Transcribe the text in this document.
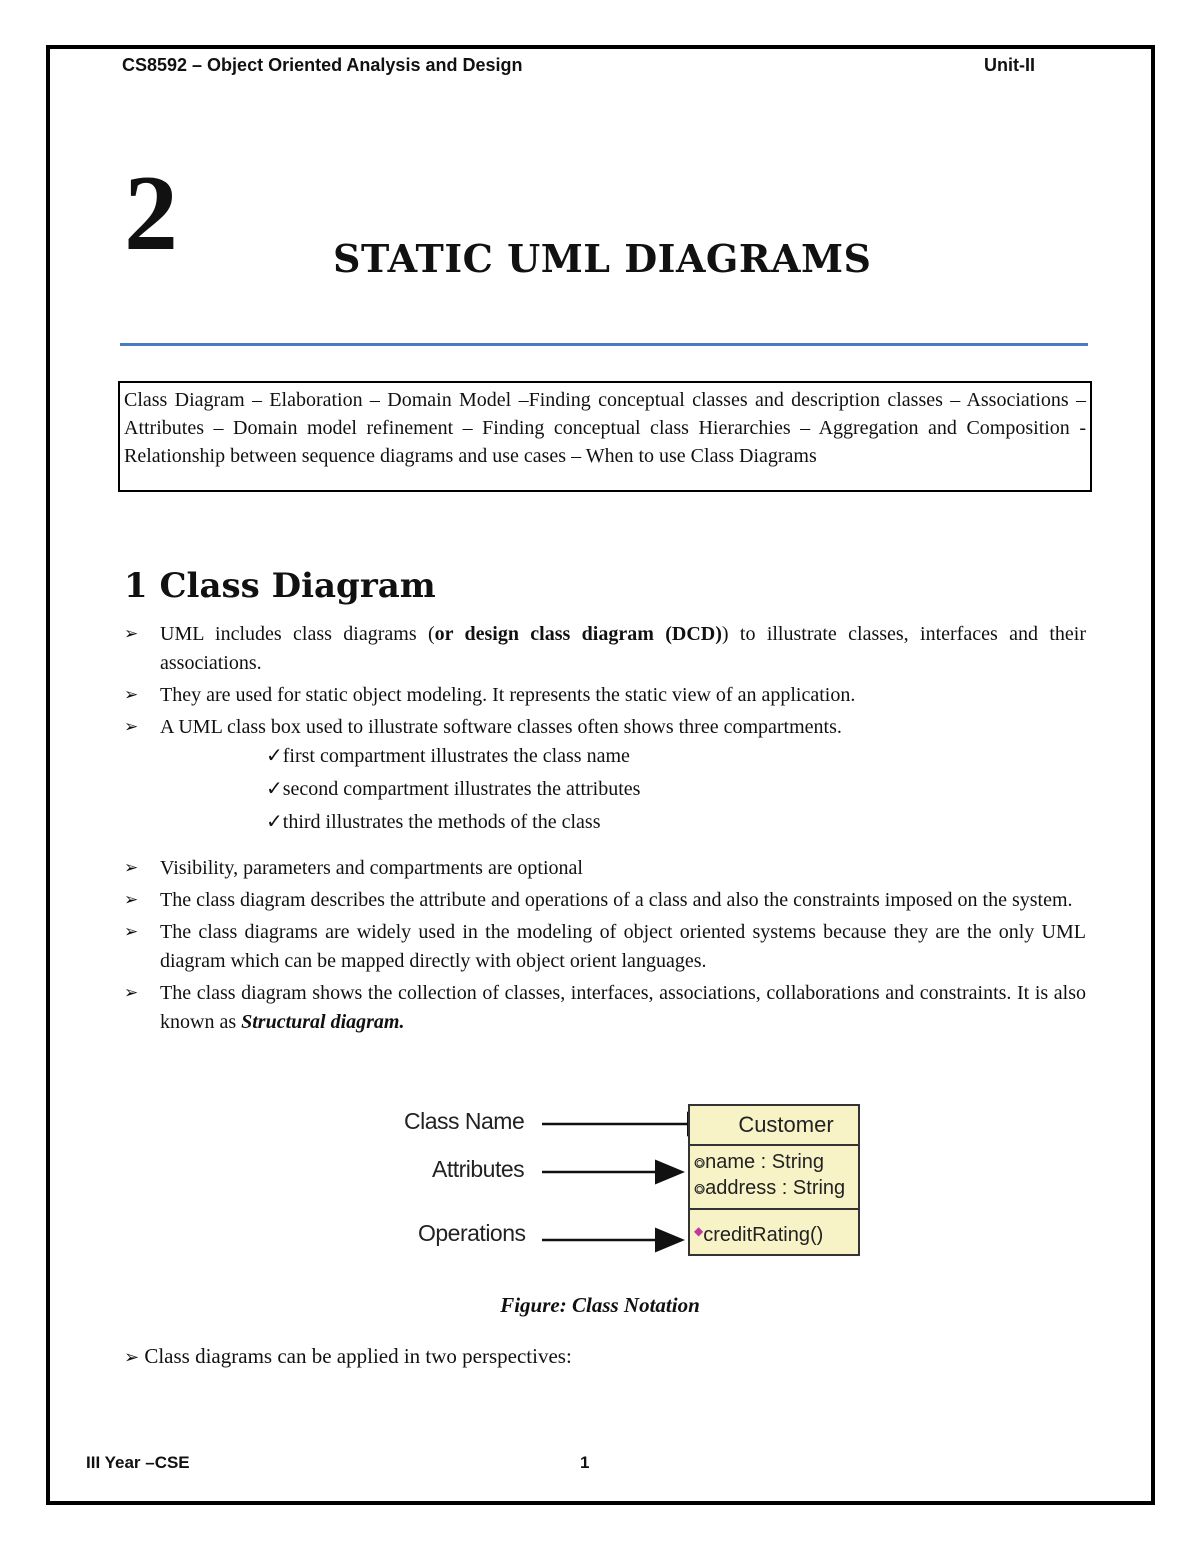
CS8592 – Object Oriented Analysis and Design	Unit-II
2	STATIC UML DIAGRAMS
Class Diagram – Elaboration – Domain Model –Finding conceptual classes and description classes – Associations – Attributes – Domain model refinement – Finding conceptual class Hierarchies – Aggregation and Composition -Relationship between sequence diagrams and use cases – When to use Class Diagrams
1 Class Diagram
➢ UML includes class diagrams (or design class diagram (DCD)) to illustrate classes, interfaces and their associations.
➢ They are used for static object modeling. It represents the static view of an application.
➢ A UML class box used to illustrate software classes often shows three compartments.
✓first compartment illustrates the class name
✓second compartment illustrates the attributes
✓third illustrates the methods of the class
➢ Visibility, parameters and compartments are optional
➢ The class diagram describes the attribute and operations of a class and also the constraints imposed on the system.
➢ The class diagrams are widely used in the modeling of object oriented systems because they are the only UML diagram which can be mapped directly with object orient languages.
➢ The class diagram shows the collection of classes, interfaces, associations, collaborations and constraints. It is also known as Structural diagram.
Class Name
Attributes
Operations
Customer
⭗name : String
⭗address : String
◆creditRating()
Figure: Class Notation
➢ Class diagrams can be applied in two perspectives:
III Year –CSE	1
